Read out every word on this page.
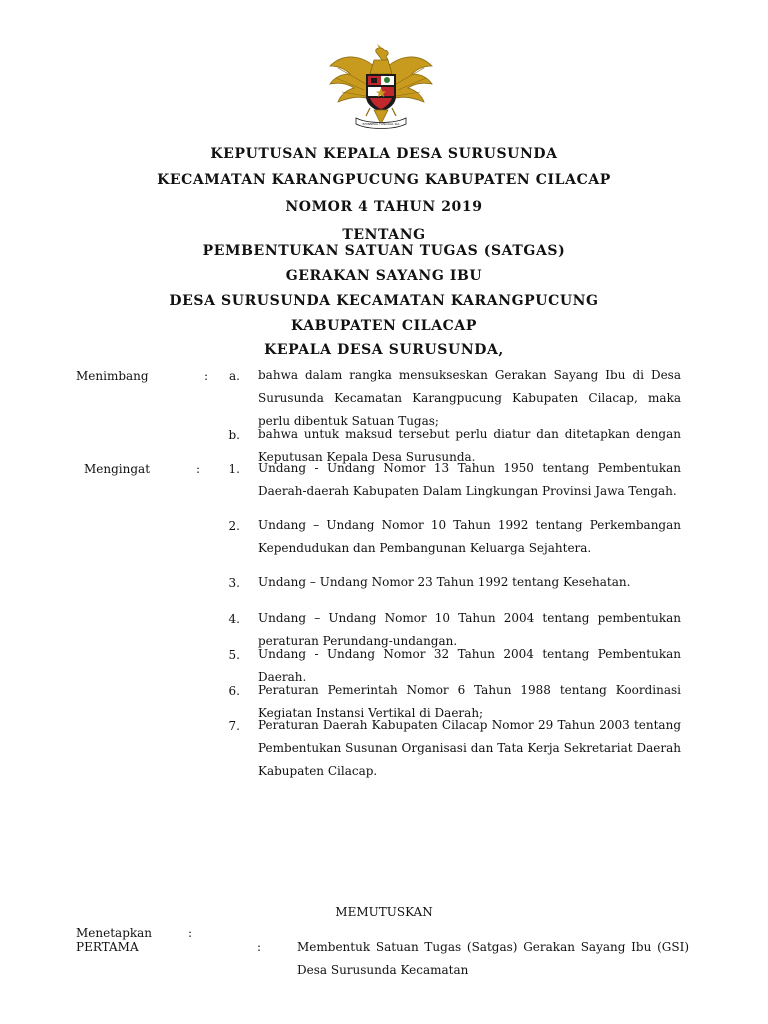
BHINNEKA TUNGGAL IKA
KEPUTUSAN KEPALA DESA SURUSUNDA
KECAMATAN KARANGPUCUNG KABUPATEN CILACAP
NOMOR 4 TAHUN 2019
TENTANG
PEMBENTUKAN SATUAN TUGAS (SATGAS)
GERAKAN SAYANG IBU
DESA SURUSUNDA KECAMATAN KARANGPUCUNG
KABUPATEN CILACAP
KEPALA DESA SURUSUNDA,
Menimbang	:	a. bahwa dalam rangka mensukseskan Gerakan Sayang Ibu di Desa Surusunda Kecamatan Karangpucung Kabupaten Cilacap, maka perlu dibentuk Satuan Tugas;
b. bahwa untuk maksud tersebut perlu diatur dan ditetapkan dengan Keputusan Kepala Desa Surusunda.
Mengingat	:	1. Undang - Undang Nomor 13 Tahun 1950 tentang Pembentukan Daerah-daerah Kabupaten Dalam Lingkungan Provinsi Jawa Tengah.
2. Undang – Undang Nomor 10 Tahun 1992 tentang Perkembangan Kependudukan dan Pembangunan Keluarga Sejahtera.
3. Undang – Undang Nomor 23 Tahun 1992 tentang Kesehatan.
4. Undang – Undang Nomor 10 Tahun 2004 tentang pembentukan peraturan Perundang-undangan.
5. Undang - Undang Nomor 32 Tahun 2004 tentang Pembentukan Daerah.
6. Peraturan Pemerintah Nomor 6 Tahun 1988 tentang Koordinasi Kegiatan Instansi Vertikal di Daerah;
7. Peraturan Daerah Kabupaten Cilacap Nomor 29 Tahun 2003 tentang Pembentukan Susunan Organisasi dan Tata Kerja Sekretariat Daerah Kabupaten Cilacap.
MEMUTUSKAN
Menetapkan	:
PERTAMA	:	Membentuk Satuan Tugas (Satgas) Gerakan Sayang Ibu (GSI) Desa Surusunda Kecamatan
